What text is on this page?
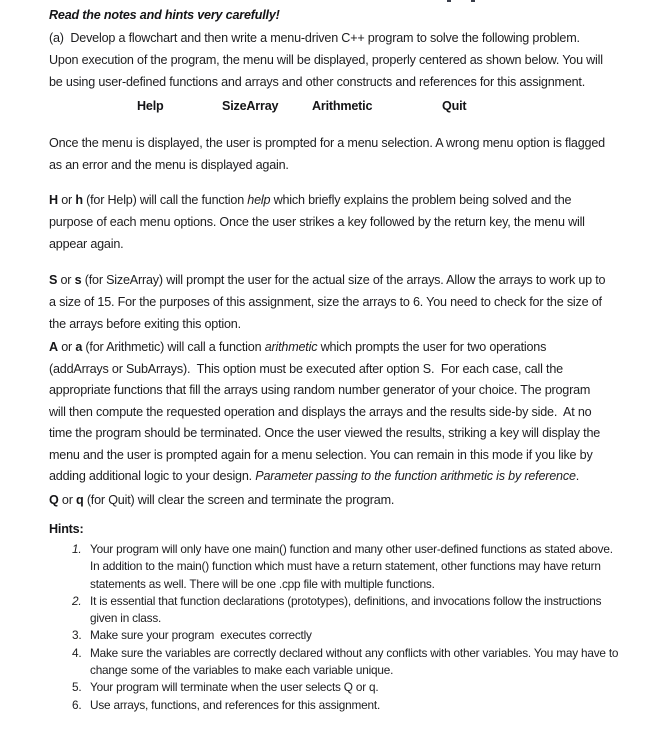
Read the notes and hints very carefully!
(a)  Develop a flowchart and then write a menu-driven C++ program to solve the following problem.
Upon execution of the program, the menu will be displayed, properly centered as shown below. You will
be using user-defined functions and arrays and other constructs and references for this assignment.
Help	SizeArray	Arithmetic	Quit
Once the menu is displayed, the user is prompted for a menu selection. A wrong menu option is flagged
as an error and the menu is displayed again.
H or h (for Help) will call the function help which briefly explains the problem being solved and the
purpose of each menu options. Once the user strikes a key followed by the return key, the menu will
appear again.
S or s (for SizeArray) will prompt the user for the actual size of the arrays. Allow the arrays to work up to
a size of 15. For the purposes of this assignment, size the arrays to 6. You need to check for the size of
the arrays before exiting this option.
A or a (for Arithmetic) will call a function arithmetic which prompts the user for two operations
(addArrays or SubArrays).  This option must be executed after option S.  For each case, call the
appropriate functions that fill the arrays using random number generator of your choice. The program
will then compute the requested operation and displays the arrays and the results side-by side.  At no
time the program should be terminated. Once the user viewed the results, striking a key will display the
menu and the user is prompted again for a menu selection. You can remain in this mode if you like by
adding additional logic to your design. Parameter passing to the function arithmetic is by reference.
Q or q (for Quit) will clear the screen and terminate the program.
Hints:
1. Your program will only have one main() function and many other user-defined functions as stated above.
In addition to the main() function which must have a return statement, other functions may have return
statements as well. There will be one .cpp file with multiple functions.
2. It is essential that function declarations (prototypes), definitions, and invocations follow the instructions
given in class.
3. Make sure your program  executes correctly
4. Make sure the variables are correctly declared without any conflicts with other variables. You may have to
change some of the variables to make each variable unique.
5. Your program will terminate when the user selects Q or q.
6. Use arrays, functions, and references for this assignment.
